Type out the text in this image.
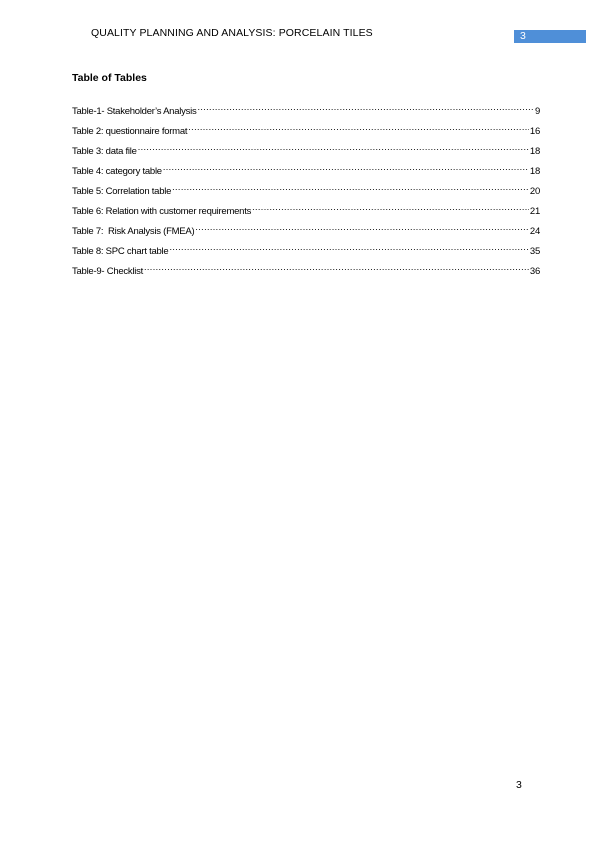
QUALITY PLANNING AND ANALYSIS: PORCELAIN TILES	3
Table of Tables
Table-1- Stakeholder’s Analysis .....	9
Table 2: questionnaire format .....	16
Table 3: data file .....	18
Table 4: category table .....	18
Table 5: Correlation table .....	20
Table 6: Relation with customer requirements .....	21
Table 7:  Risk Analysis (FMEA) .....	24
Table 8: SPC chart table .....	35
Table-9- Checklist .....	36
3
